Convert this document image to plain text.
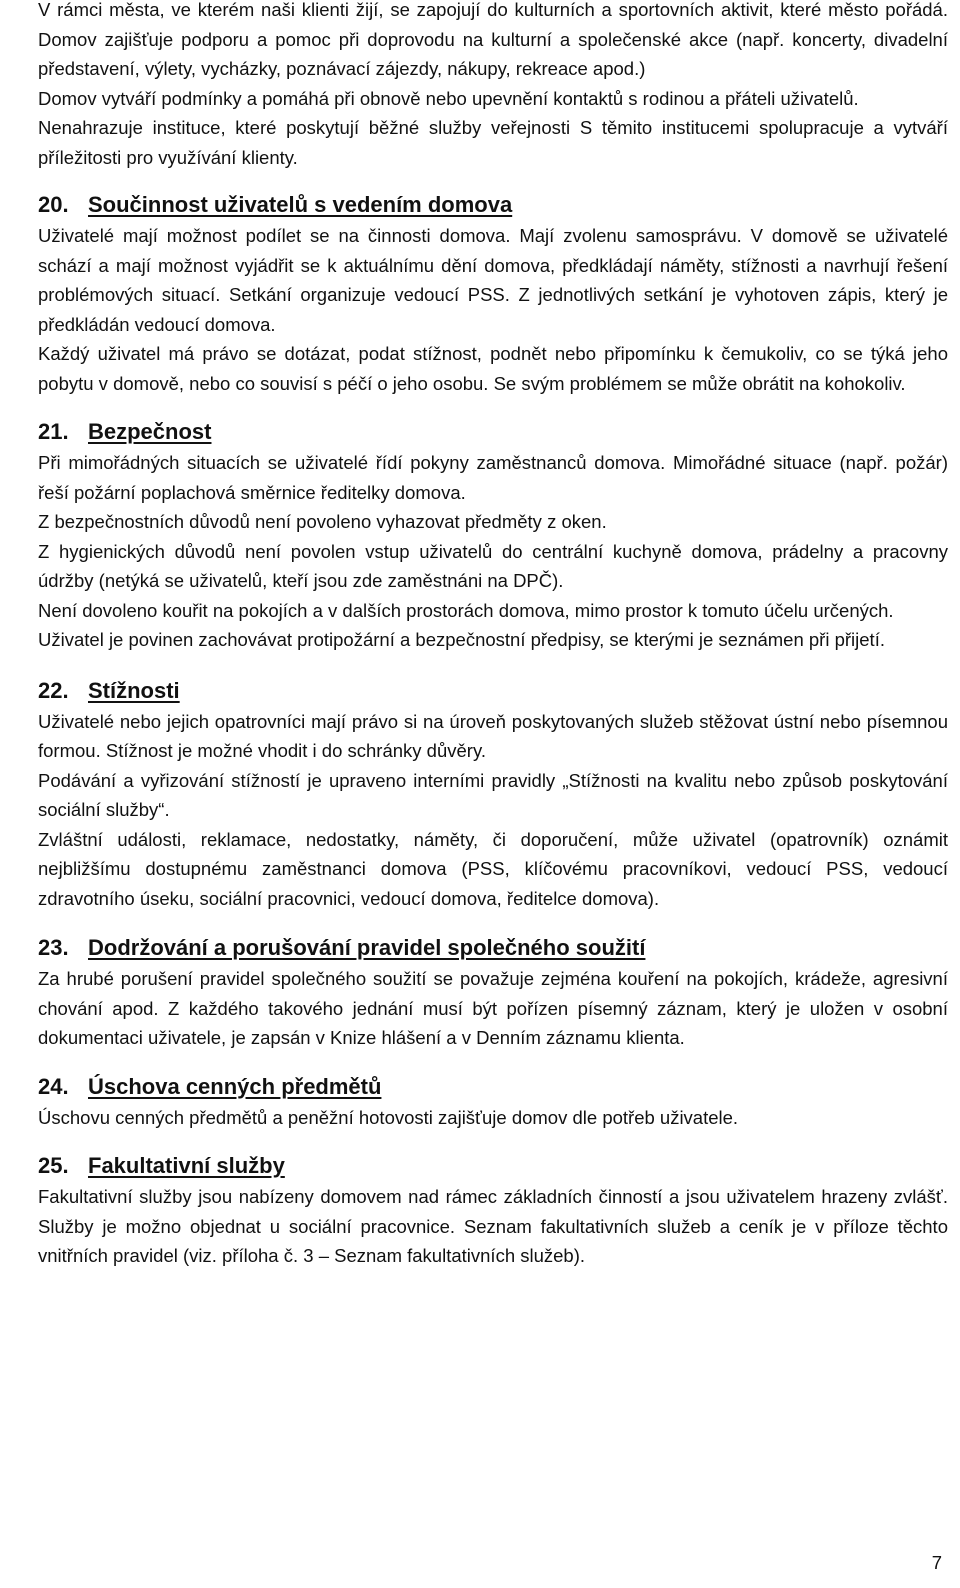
V rámci města, ve kterém naši klienti žijí, se zapojují do kulturních a sportovních aktivit, které město pořádá. Domov zajišťuje podporu a pomoc při doprovodu na kulturní a společenské akce (např. koncerty, divadelní představení, výlety, vycházky, poznávací zájezdy, nákupy, rekreace apod.)

Domov vytváří podmínky a pomáhá při obnově nebo upevnění kontaktů s rodinou a přáteli uživatelů.

Nenahrazuje instituce, které poskytují běžné služby veřejnosti S těmito institucemi spolupracuje a vytváří příležitosti pro využívání klienty.

20. Součinnost uživatelů s vedením domova

Uživatelé mají možnost podílet se na činnosti domova. Mají zvolenu samosprávu. V domově se uživatelé schází a mají možnost vyjádřit se k aktuálnímu dění domova, předkládají náměty, stížnosti a navrhují řešení problémových situací. Setkání organizuje vedoucí PSS. Z jednotlivých setkání je vyhotoven zápis, který je předkládán vedoucí domova.

Každý uživatel má právo se dotázat, podat stížnost, podnět nebo připomínku k čemukoliv, co se týká jeho pobytu v domově, nebo co souvisí s péčí o jeho osobu. Se svým problémem se může obrátit na kohokoliv.

21. Bezpečnost

Při mimořádných situacích se uživatelé řídí pokyny zaměstnanců domova. Mimořádné situace (např. požár) řeší požární poplachová směrnice ředitelky domova.

Z bezpečnostních důvodů není povoleno vyhazovat předměty z oken.

Z hygienických důvodů není povolen vstup uživatelů do centrální kuchyně domova, prádelny a pracovny údržby (netýká se uživatelů, kteří jsou zde zaměstnáni na DPČ).

Není dovoleno kouřit na pokojích a v dalších prostorách domova, mimo prostor k tomuto účelu určených.

Uživatel je povinen zachovávat protipožární a bezpečnostní předpisy, se kterými je seznámen při přijetí.

22. Stížnosti

Uživatelé nebo jejich opatrovníci mají právo si na úroveň poskytovaných služeb stěžovat ústní nebo písemnou formou. Stížnost je možné vhodit i do schránky důvěry.

Podávání a vyřizování stížností je upraveno interními pravidly „Stížnosti na kvalitu nebo způsob poskytování sociální služby“.

Zvláštní události, reklamace, nedostatky, náměty, či doporučení, může uživatel (opatrovník) oznámit nejbližšímu dostupnému zaměstnanci domova (PSS, klíčovému pracovníkovi, vedoucí PSS, vedoucí zdravotního úseku, sociální pracovnici, vedoucí domova, ředitelce domova).

23. Dodržování a porušování pravidel společného soužití

Za hrubé porušení pravidel společného soužití se považuje zejména kouření na pokojích, krádeže, agresivní chování apod. Z každého takového jednání musí být pořízen písemný záznam, který je uložen v osobní dokumentaci uživatele, je zapsán v Knize hlášení a v Denním záznamu klienta.

24. Úschova cenných předmětů

Úschovu cenných předmětů a peněžní hotovosti zajišťuje domov dle potřeb uživatele.

25. Fakultativní služby

Fakultativní služby jsou nabízeny domovem nad rámec základních činností a jsou uživatelem hrazeny zvlášť. Služby je možno objednat u sociální pracovnice. Seznam fakultativních služeb a ceník je v příloze těchto vnitřních pravidel (viz. příloha č. 3 – Seznam fakultativních služeb).

7
